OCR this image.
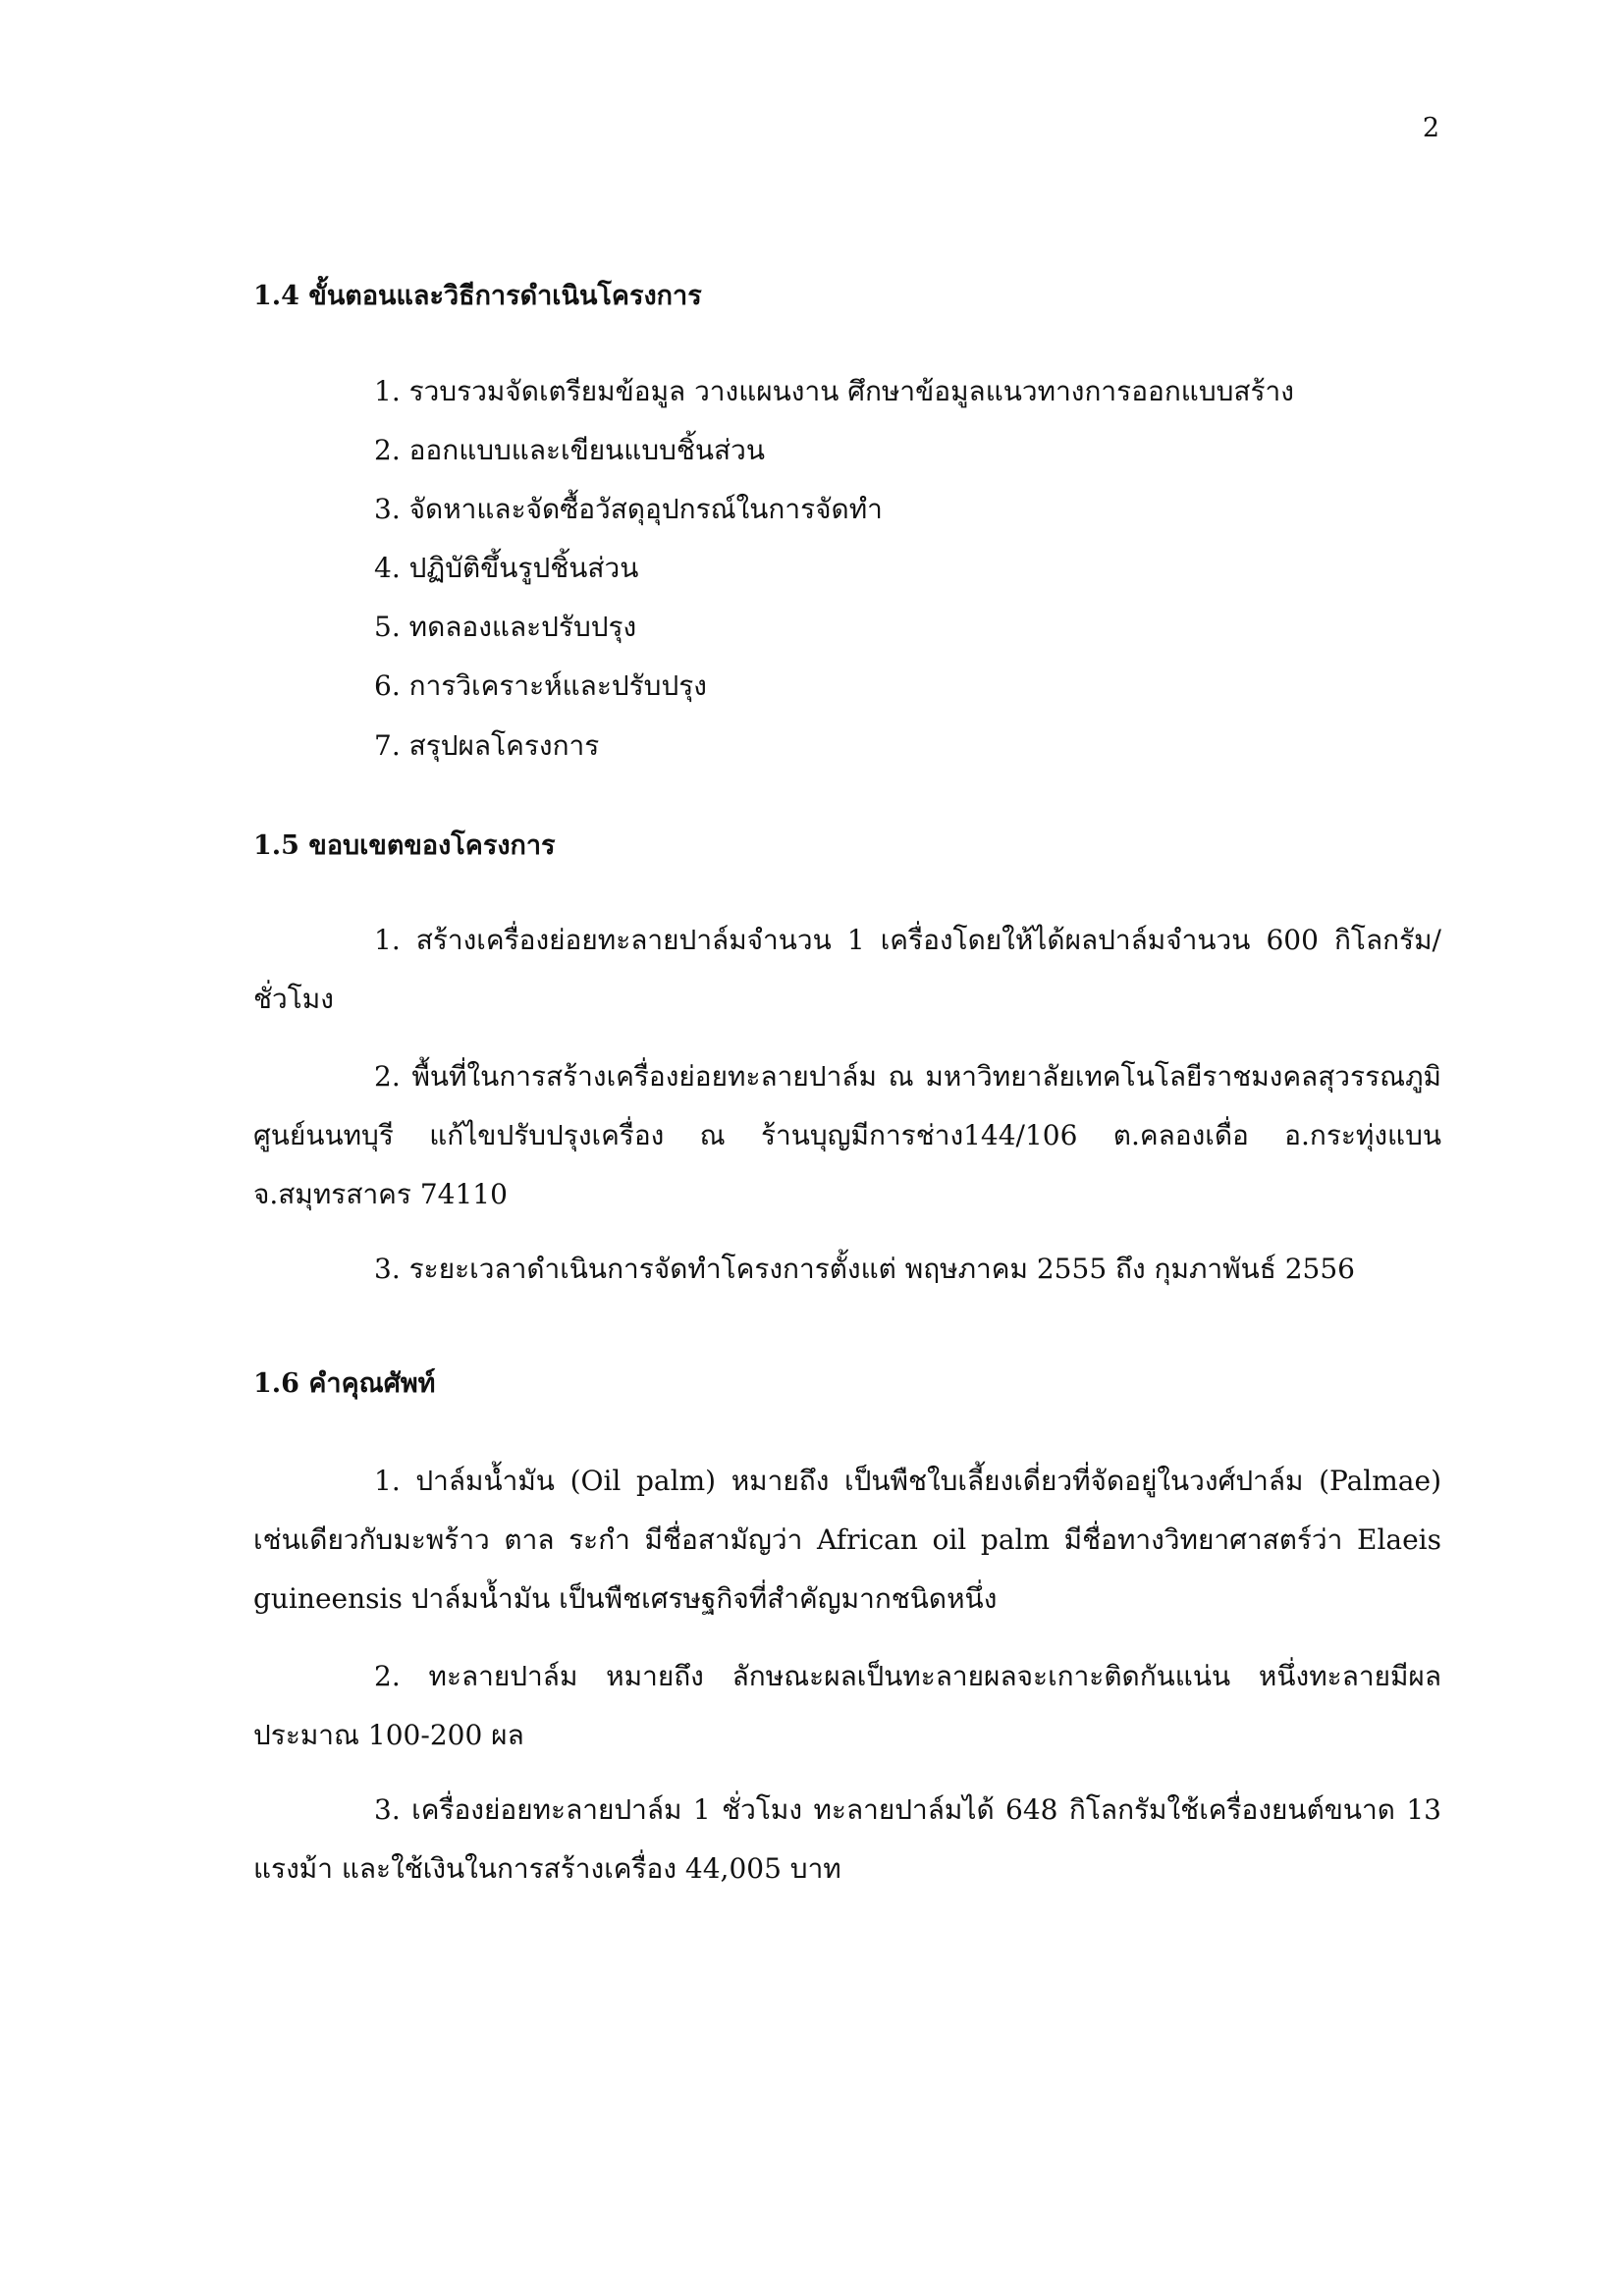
2
1.4 ขั้นตอนและวิธีการดำเนินโครงการ
1. รวบรวมจัดเตรียมข้อมูล วางแผนงาน ศึกษาข้อมูลแนวทางการออกแบบสร้าง
2. ออกแบบและเขียนแบบชิ้นส่วน
3. จัดหาและจัดซื้อวัสดุอุปกรณ์ในการจัดทำ
4. ปฏิบัติขึ้นรูปชิ้นส่วน
5. ทดลองและปรับปรุง
6. การวิเคราะห์และปรับปรุง
7. สรุปผลโครงการ
1.5 ขอบเขตของโครงการ
1. สร้างเครื่องย่อยทะลายปาล์มจำนวน 1 เครื่องโดยให้ได้ผลปาล์มจำนวน 600 กิโลกรัม/ชั่วโมง
2. พื้นที่ในการสร้างเครื่องย่อยทะลายปาล์ม ณ มหาวิทยาลัยเทคโนโลยีราชมงคลสุวรรณภูมิ ศูนย์นนทบุรี แก้ไขปรับปรุงเครื่อง ณ ร้านบุญมีการช่าง144/106 ต.คลองเดื่อ อ.กระทุ่งแบน จ.สมุทรสาคร 74110
3. ระยะเวลาดำเนินการจัดทำโครงการตั้งแต่ พฤษภาคม 2555 ถึง กุมภาพันธ์ 2556
1.6 คำคุณศัพท์
1. ปาล์มน้ำมัน (Oil palm) หมายถึง เป็นพืชใบเลี้ยงเดี่ยวที่จัดอยู่ในวงศ์ปาล์ม (Palmae) เช่นเดียวกับมะพร้าว ตาล ระกำ มีชื่อสามัญว่า African oil palm มีชื่อทางวิทยาศาสตร์ว่า Elaeis guineensis ปาล์มน้ำมัน เป็นพืชเศรษฐกิจที่สำคัญมากชนิดหนึ่ง
2. ทะลายปาล์ม หมายถึง ลักษณะผลเป็นทะลายผลจะเกาะติดกันแน่น หนึ่งทะลายมีผล ประมาณ 100-200 ผล
3. เครื่องย่อยทะลายปาล์ม 1 ชั่วโมง ทะลายปาล์มได้ 648 กิโลกรัมใช้เครื่องยนต์ขนาด 13 แรงม้า และใช้เงินในการสร้างเครื่อง 44,005 บาท
